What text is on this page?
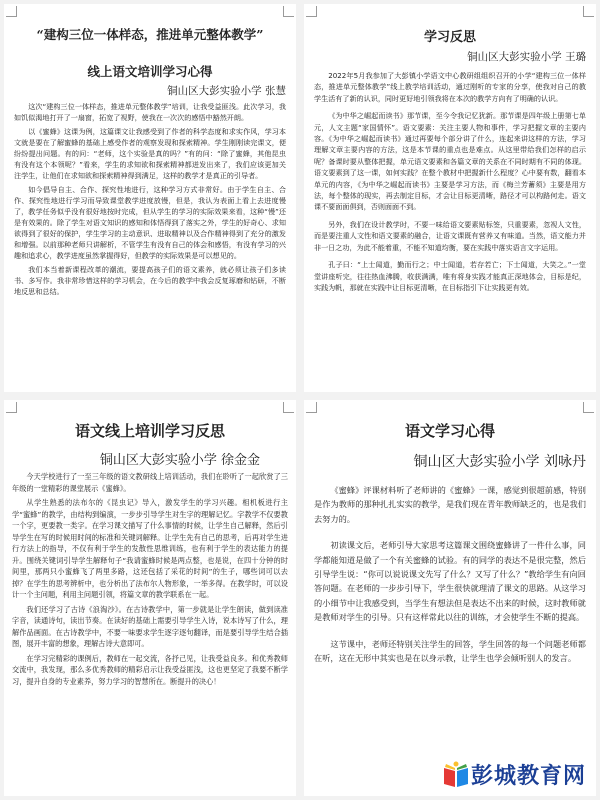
“建构三位一体样态，推进单元整体教学”

线上语文培训学习心得

铜山区大彭实验小学 张慧

这次“建构三位一体样态，推进单元整体教学”培训，让我受益匪浅。此次学习，我如饥似渴地打开了一扇窗，拓宽了视野，使我在一次次的感悟中豁然开朗。

以《蜜蜂》这课为例，这篇课文让我感受到了作者的科学态度和求实作风，学习本文就是要在了解蜜蜂的基础上感受作者的观察发现和探索精神。学生刚刚读完课文，便纷纷提出问题。有的问：“老师，这个实验是真的吗？”有的问：“除了蜜蜂，其他昆虫有没有这个本领呢？”看来，学生的求知欲和探索精神都迸发出来了，我们应该更加关注学生，让他们在求知欲和探索精神得到满足，这样的教学才是真正的引导者。

如今倡导自主、合作、探究性地进行，这种学习方式非常好。由于学生自主、合作、探究性地进行学习而导致课堂教学进度放慢，但是，我认为表面上看上去进度慢了，教学任务似乎没有很好地按时完成，但从学生的学习的实际效果来看，这种“慢”还是有效果的。除了学生对语文知识的感知和体悟得到了落实之外，学生的好奇心、求知欲得到了很好的保护，学生学习的主动意识、进取精神以及合作精神得到了充分的激发和增强。以前那种老师只讲解析，不管学生有没有自己的体会和感悟，有没有学习的兴趣和追求心，教学进度虽然掌握得好，但教学的实际效果是可以想见的。

我们本当着新课程改革的潮流，要提高孩子们的语文素养，就必须让孩子们多读书、多写作。我非常珍惜这样的学习机会，在今后的教学中我会反复琢磨和钻研，不断地反思和总结。

学习反思

铜山区大彭实验小学 王璐

2022年5月我参加了大彭镇小学语文中心教研组组织召开的小学“建构三位一体样态，推进单元整体教学”线上教学培训活动，通过刚听的专家的分享，使我对自己的教学生活有了新的认识，同时更好地引领我将在本次的教学方向有了明确的认识。

《为中华之崛起而读书》那节课，至今令我记忆犹新。那节课是四年级上册第七单元，人文主题“家国情怀”。语文要素：关注主要人物和事件，学习把握文章的主要内容。《为中华之崛起而读书》通过再要每个部分讲了什么，连起来讲这样的方法，学习理解文章主要内容的方法，这是本节课的重点也是难点。从这里带给我们怎样的启示呢？备课时要从整体把握，单元语文要素和各篇文章的关系在不同时期有不同的体现。语文要素到了这一课，如何实践？在整个教材中把握新什么程度？心中要有数，翻看本单元的内容，《为中华之崛起而读书》主要是学习方法，而《梅兰芳蓄须》主要是用方法，每个整体的现实，再去制定目标，才会让目标更清晰，路径才可以构路何走。语文课不要面面俱到，否则面面不到。

另外，我们在设计教学时，不要一味给语文要素贴标签，只重要素，忽视人文性，而是要注重人文性和语文要素的融合，让语文课既有营养又有味道。当然，语文能力并非一日之功，为此不能着重，不能不知道均衡，要在实践中落实语言文字运用。

孔子曰：“上士闻道，勤而行之；中士闻道，若存若亡；下士闻道，大笑之。”一堂堂讲座听完，往往热血沸腾，收获满满，唯有将身实践才能真正深地体会，目标是纪，实践为帆，那就在实践中让目标更清晰，在目标指引下让实践更有效。

语文线上培训学习反思

铜山区大彭实验小学 徐金金

今天学校进行了一至三年级的语文教研线上培训活动，我们在聆听了一起欣赏了三年级的一堂精彩的课堂展示《蜜蜂》。

从学生熟悉的法布尔的《昆虫记》导入，激发学生的学习兴趣。相机板进行主学“蜜蜂”的教学，由结构到编演，一步步引导学生对生字的理解记忆。字教学不仅要教一个字，更要教一类字。在学习课文描写了什么事情的时候，让学生自己解释，然后引导学生在写的时候用时间的标准和关键词解释。让学生先有自己的思考，后再对学生进行方法上的指导，不仅有利于学生的发散性思维训练，也有利于学生的表达能力的提升。围绕关键词引导学生解释句子“我请蜜蜂时候是两点整，也是说，在四十分钟的时间里，那两只小蜜蜂飞了两里多路，这还包括了采花的时间”的生子，哪些词可以去掉？在学生的思考辨析中，也分析出了法布尔人物形象，一举多得。在教学时，可以设计一个主问题，利用主问题引领，将篇文章的教学联系在一起。

我们还学习了古诗《浪淘沙》。在古诗教学中，第一步就是让学生朗读，做到读准字音，读通诗句，读出节奏。在读好的基础上需要引导学生入诗，说本诗写了什么，理解作品画面。在古诗教学中，不要一味要求学生逐字逐句翻译，而是要引导学生结合插图，展开丰富的想象，理解古诗大意即可。

在学习完精彩的课例后，教师在一起交流，各抒己见，让我受益良多。和优秀教师交流中，我发现，那么多优秀教师的精彩启示让我受益匪浅，这也更坚定了我要不断学习，提升自身的专业素养，努力学习的智慧所在。断提升的决心！

语文学习心得

铜山区大彭实验小学 刘咏丹

《蜜蜂》评课材料听了老师讲的《蜜蜂》一课，感觉到很超前感，特别是作为教师的那种扎扎实实的教学，是我们现在青年教师缺乏的，也是我们去努力的。

初读课文后，老师引导大家思考这篇课文围绕蜜蜂讲了一件什么事，同学都能知道是做了一个有关蜜蜂的试验。有的同学的表达不是很完整，然后引导学生说：“你可以说说课文先写了什么？又写了什么？”教给学生有向回答问题。在老师的一步步引导下，学生很快就理清了课文的思路。从这学习的小细节中让我感受到，当学生有想法但是表达不出来的时候，这时教师就是教师对学生的引导。只有这样常此以往的训练，才会使学生不断的提高。

这节课中，老师还特别关注学生的回答，学生回答的每一个问题老师都在听，这在无形中其实也是在以身示教，让学生也学会倾听别人的发言。

彭城教育网
